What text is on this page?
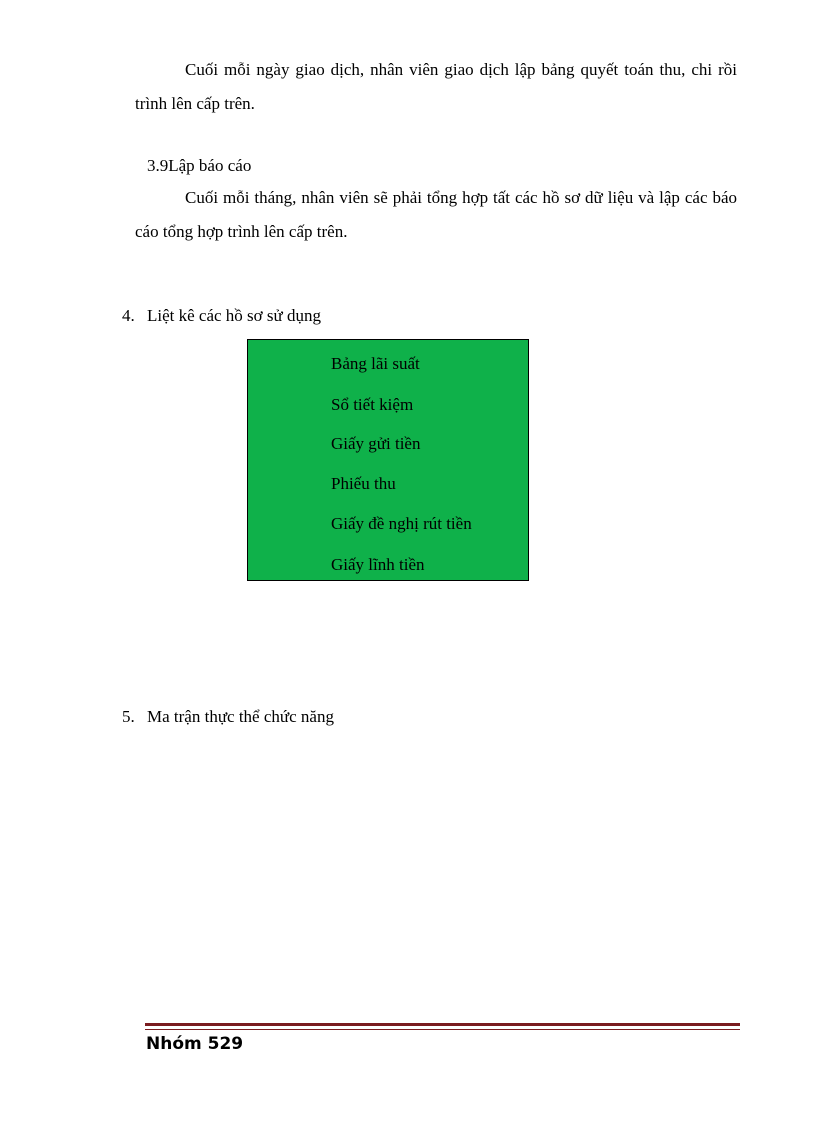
Cuối mỗi ngày giao dịch, nhân viên giao dịch lập bảng quyết toán thu, chi rồi trình lên cấp trên.

3.9Lập báo cáo

Cuối mỗi tháng, nhân viên sẽ phải tổng hợp tất các hồ sơ dữ liệu và lập các báo cáo tổng hợp trình lên cấp trên.

4. Liệt kê các hồ sơ sử dụng
Bảng lãi suất
Sổ tiết kiệm
Giấy gửi tiền
Phiếu thu
Giấy đề nghị rút tiền
Giấy lĩnh tiền
5. Ma trận thực thể chức năng
Nhóm 529
